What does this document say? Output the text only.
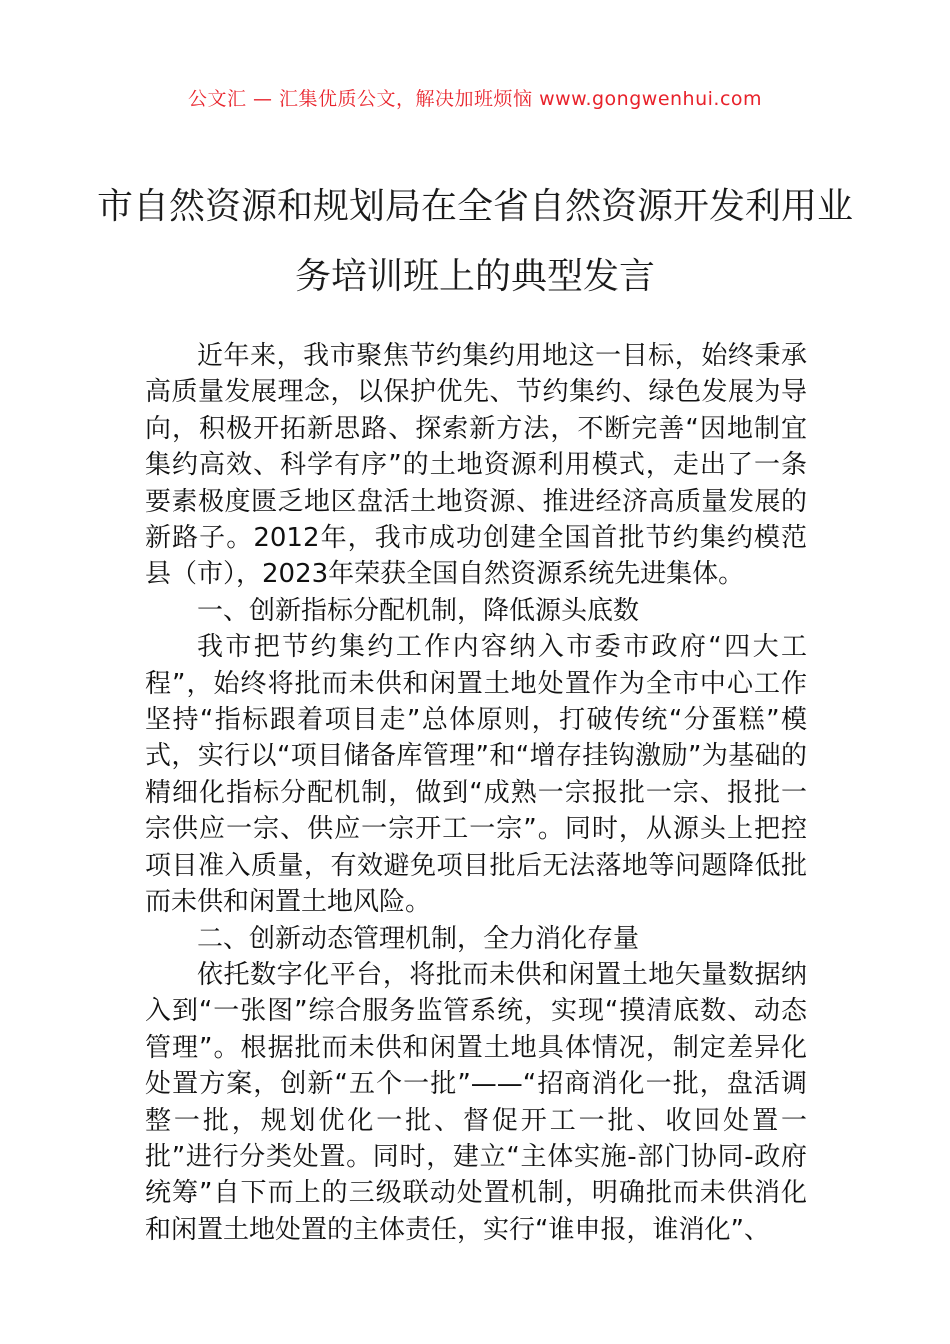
公文汇 — 汇集优质公文，解决加班烦恼 www.gongwenhui.com
市自然资源和规划局在全省自然资源开发利用业务培训班上的典型发言

近年来，我市聚焦节约集约用地这一目标，始终秉承高质量发展理念，以保护优先、节约集约、绿色发展为导向，积极开拓新思路、探索新方法，不断完善“因地制宜集约高效、科学有序”的土地资源利用模式，走出了一条要素极度匮乏地区盘活土地资源、推进经济高质量发展的新路子。2012年，我市成功创建全国首批节约集约模范县（市），2023年荣获全国自然资源系统先进集体。

一、创新指标分配机制，降低源头底数

我市把节约集约工作内容纳入市委市政府“四大工程”，始终将批而未供和闲置土地处置作为全市中心工作坚持“指标跟着项目走”总体原则，打破传统“分蛋糕”模式，实行以“项目储备库管理”和“增存挂钩激励”为基础的精细化指标分配机制，做到“成熟一宗报批一宗、报批一宗供应一宗、供应一宗开工一宗”。同时，从源头上把控项目准入质量，有效避免项目批后无法落地等问题降低批而未供和闲置土地风险。

二、创新动态管理机制，全力消化存量

依托数字化平台，将批而未供和闲置土地矢量数据纳入到“一张图”综合服务监管系统，实现“摸清底数、动态管理”。根据批而未供和闲置土地具体情况，制定差异化处置方案，创新“五个一批”——“招商消化一批，盘活调整一批，规划优化一批、督促开工一批、收回处置一批”进行分类处置。同时，建立“主体实施-部门协同-政府统筹”自下而上的三级联动处置机制，明确批而未供消化和闲置土地处置的主体责任，实行“谁申报，谁消化”、
